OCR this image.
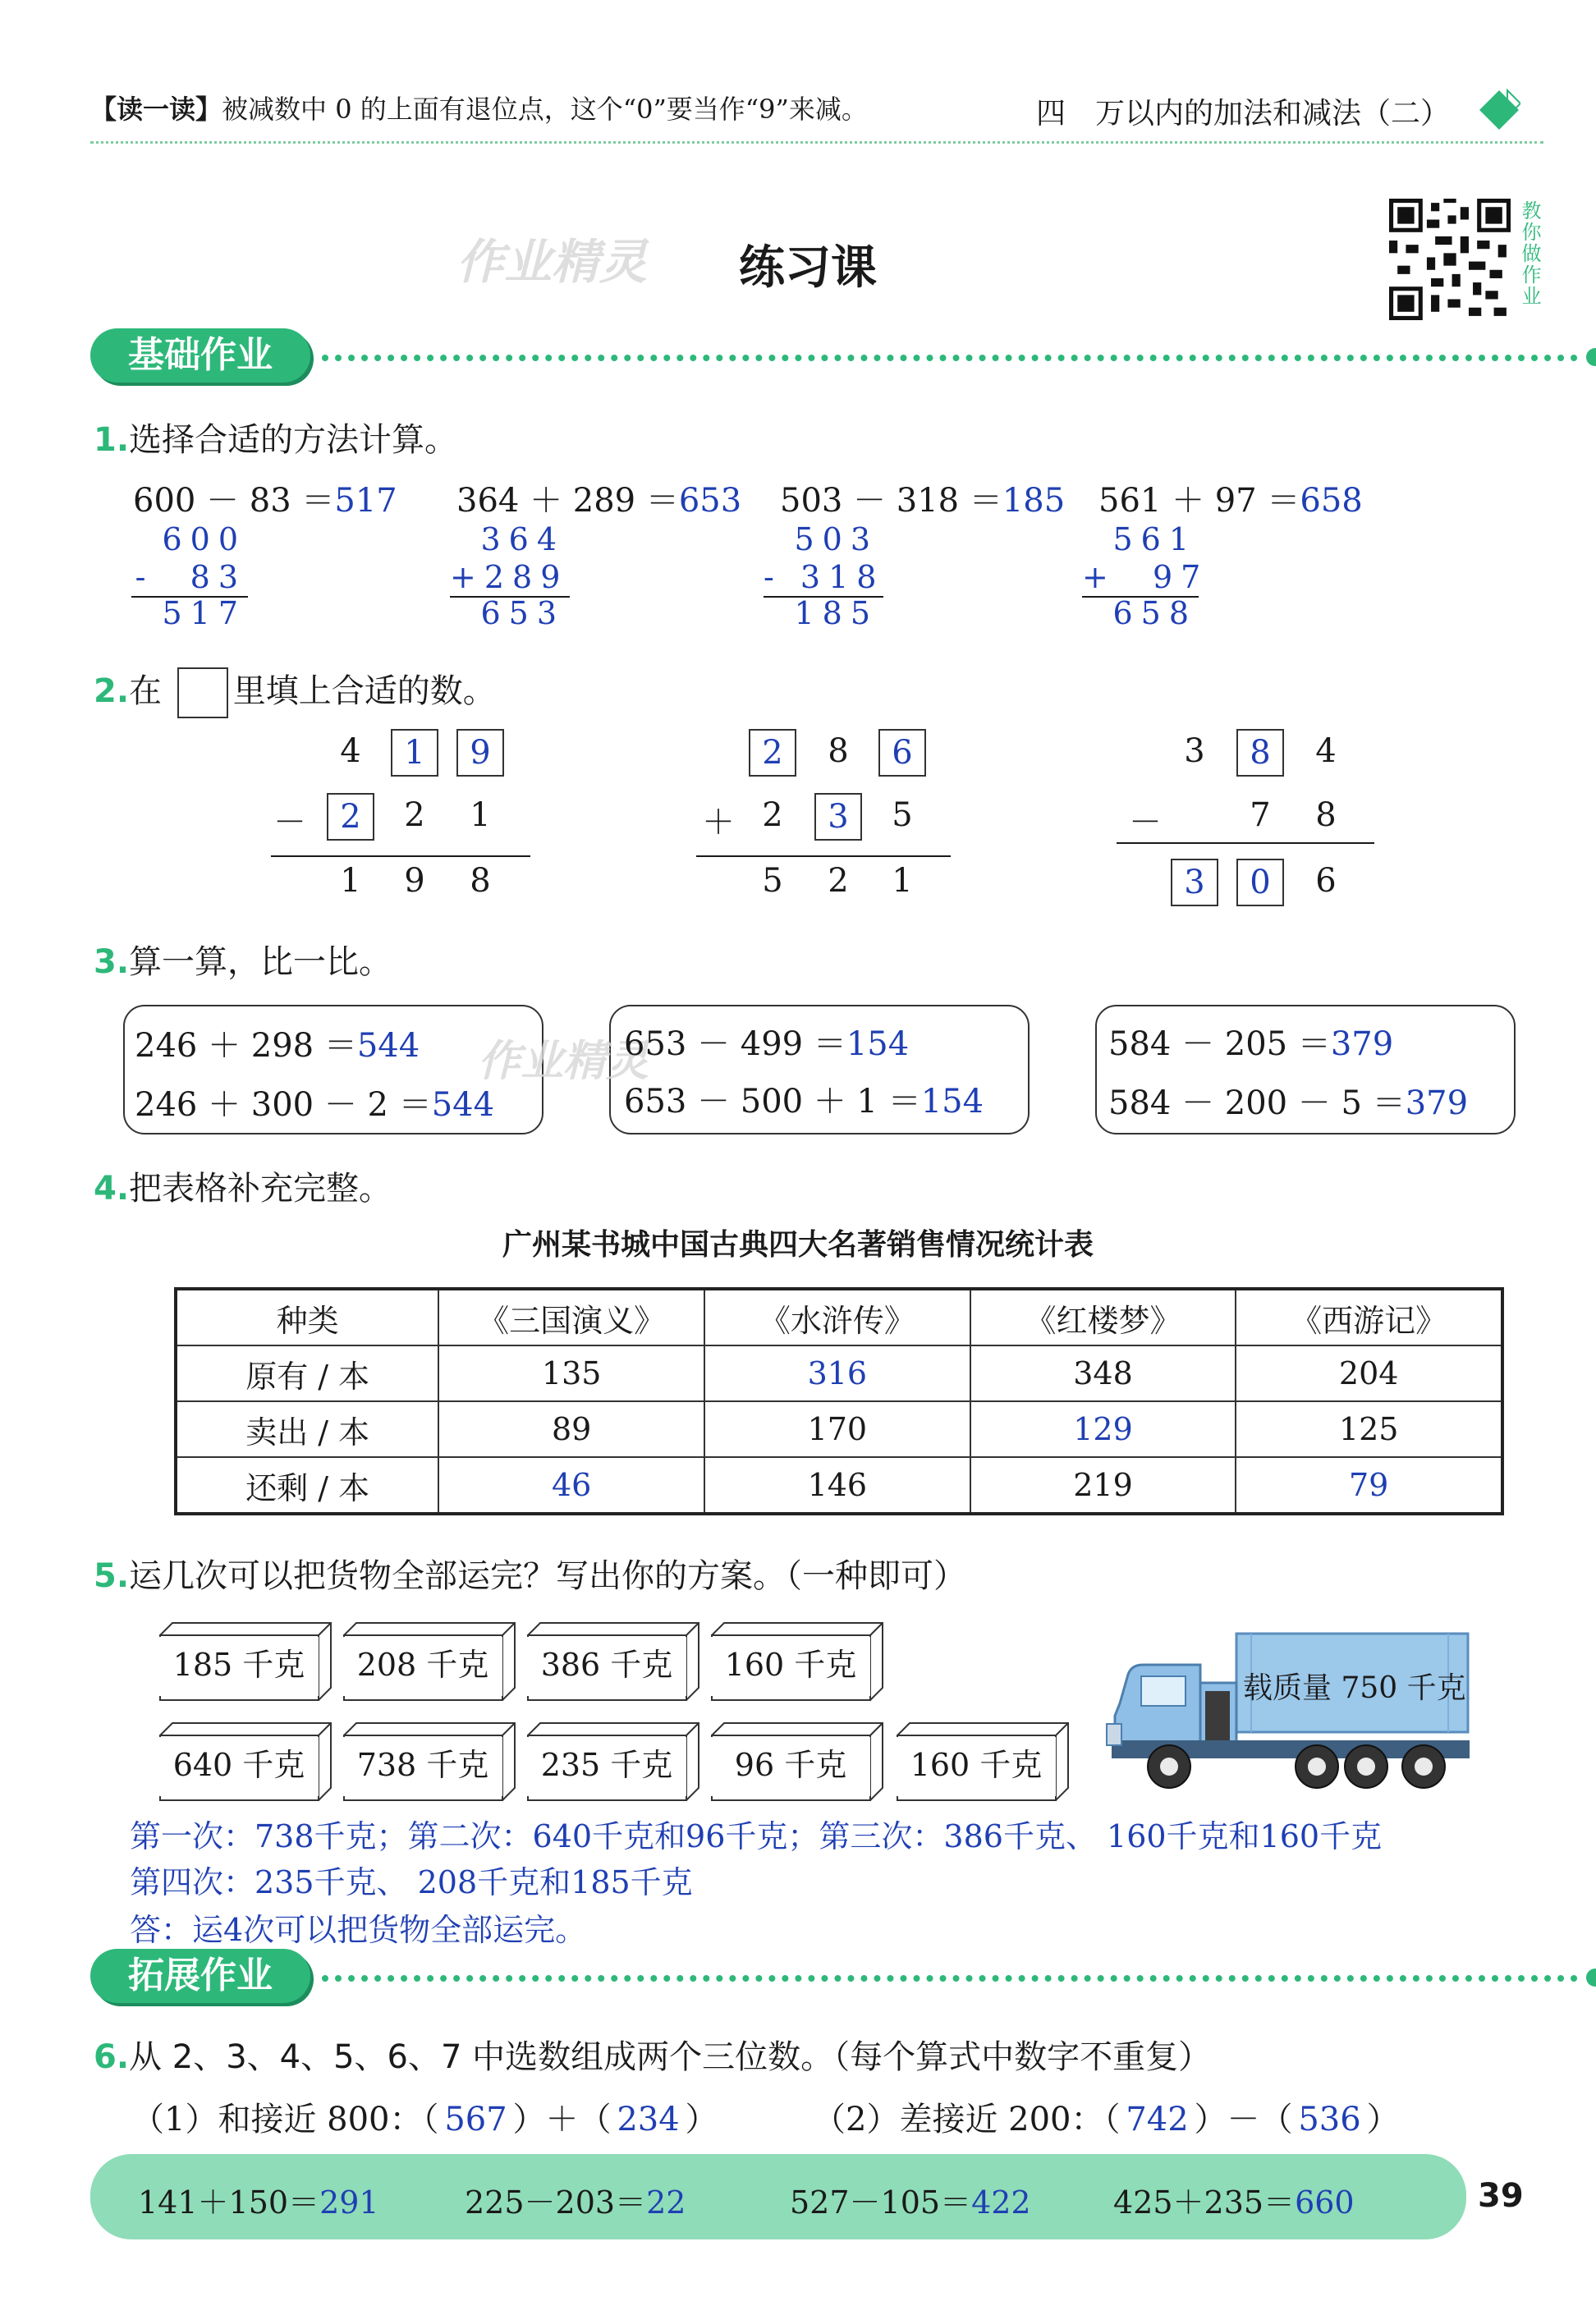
【读一读】被减数中 0 的上面有退位点，这个“0”要当作“9”来减。	四　万以内的加法和减法（二）
作业精灵 练习课	教你做作业
基础作业
1.选择合适的方法计算。
600 － 83 ＝517
600
-  83
517
364 ＋ 289 ＝653
364
+289
653
503 － 318 ＝185
503
- 318
185
561 ＋ 97 ＝658
561
+  97
658
2.在 里填上合适的数。
4	1	9
－	2	2	1
1	9	8
2	8	6
＋ 2	3	5
5	2	1
3	8	4
－	7	8
3	0	6
3.算一算，比一比。
246 ＋ 298 ＝544
246 ＋ 300 － 2 ＝544
作业精灵
653 － 499 ＝154
653 － 500 ＋ 1 ＝154
584 － 205 ＝379
584 － 200 － 5 ＝379
4.把表格补充完整。
广州某书城中国古典四大名著销售情况统计表
种类	《三国演义》	《水浒传》	《红楼梦》	《西游记》
原有 / 本	135	316	348	204
卖出 / 本	89	170	129	125
还剩 / 本	46	146	219	79
5.运几次可以把货物全部运完？写出你的方案。（一种即可）
185 千克	208 千克	386 千克	160 千克
640 千克	738 千克	235 千克	96 千克	160 千克
载质量 750 千克
第一次：738千克；第二次：640千克和96千克；第三次：386千克、 160千克和160千克
第四次：235千克、 208千克和185千克
答：运4次可以把货物全部运完。
拓展作业
6.从 2、3、4、5、6、7 中选数组成两个三位数。（每个算式中数字不重复）
（1）和接近 800：（ 567 ）＋（ 234 ）	（2）差接近 200：（ 742 ）－（ 536 ）
141＋150＝291	225－203＝22	527－105＝422	425＋235＝660	39
